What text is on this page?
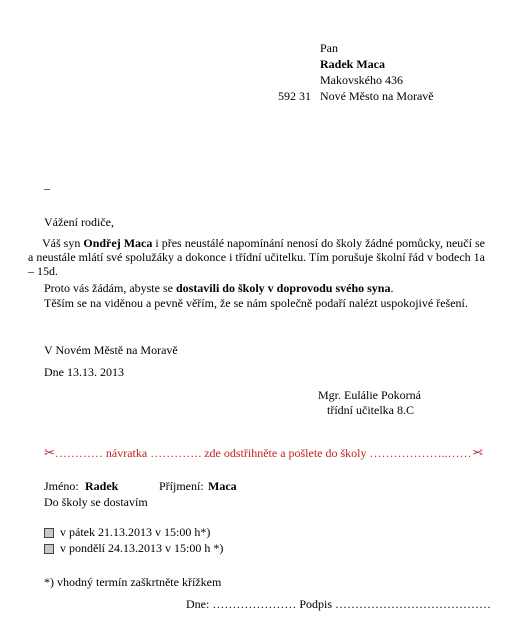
Pan
Radek Maca
Makovského 436
592 31 Nové Město na Moravě
–
Vážení rodiče,
Váš syn Ondřej Maca i přes neustálé napomínání nenosí do školy žádné pomůcky, neučí se a neustále mlátí své spolužáky a dokonce i třídní učitelku. Tím porušuje školní řád v bodech 1a – 15d.
Proto vás žádám, abyste se dostavili do školy v doprovodu svého syna.
Těším se na viděnou a pevně věřím, že se nám společně podaří nalézt uspokojivé řešení.
V Novém Městě na Moravě
Dne 13.13. 2013
Mgr. Eulálie Pokorná
třídní učitelka 8.C
✂………… návratka …………. zde odstřihněte a pošlete do školy ………………..……✂
Jméno: Radek	Příjmení: Maca
Do školy se dostavím
v pátek 21.13.2013 v 15:00 h*)
v pondělí 24.13.2013 v 15:00 h *)
*) vhodný termín zaškrtněte křížkem
Dne: ………………… Podpis …………………………………
